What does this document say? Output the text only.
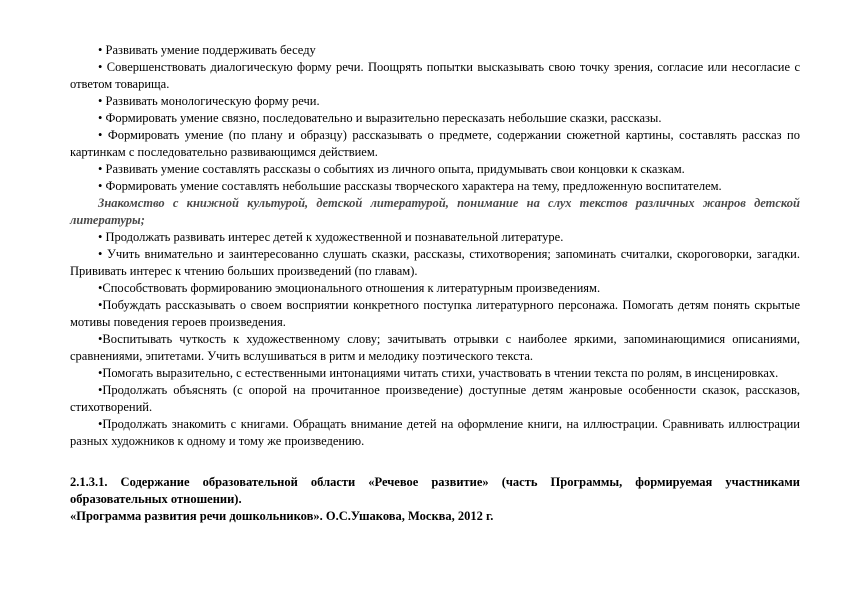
• Развивать умение поддерживать беседу

• Совершенствовать диалогическую форму речи. Поощрять попытки высказывать свою точку зрения, согласие или несогласие с ответом товарища.

• Развивать монологическую форму речи.

• Формировать умение связно, последовательно и выразительно пересказать небольшие сказки, рассказы.

• Формировать умение (по плану и образцу) рассказывать о предмете, содержании сюжетной картины, составлять рассказ по картинкам с последовательно развивающимся действием.

• Развивать умение составлять рассказы о событиях из личного опыта, придумывать свои концовки к сказкам.

• Формировать умение составлять небольшие рассказы творческого характера на тему, предложенную воспитателем.

Знакомство с книжной культурой, детской литературой, понимание на слух текстов различных жанров детской литературы;

• Продолжать развивать интерес детей к художественной и познавательной литературе.

• Учить внимательно и заинтересованно слушать сказки, рассказы, стихотворения; запоминать считалки, скороговорки, загадки. Прививать интерес к чтению больших произведений (по главам).

•Способствовать формированию эмоционального отношения к литературным произведениям.

•Побуждать рассказывать о своем восприятии конкретного поступка литературного персонажа. Помогать детям понять скрытые мотивы поведения героев произведения.

•Воспитывать чуткость к художественному слову; зачитывать отрывки с наиболее яркими, запоминающимися описаниями, сравнениями, эпитетами. Учить вслушиваться в ритм и мелодику поэтического текста.

•Помогать выразительно, с естественными интонациями читать стихи, участвовать в чтении текста по ролям, в инсценировках.

•Продолжать объяснять (с опорой на прочитанное произведение) доступные детям жанровые особенности сказок, рассказов, стихотворений.

•Продолжать знакомить с книгами. Обращать внимание детей на оформление книги, на иллюстрации. Сравнивать иллюстрации разных художников к одному и тому же произведению.

2.1.3.1. Содержание образовательной области «Речевое развитие» (часть Программы, формируемая участниками образовательных отношении).

«Программа развития речи дошкольников». О.С.Ушакова, Москва, 2012 г.
